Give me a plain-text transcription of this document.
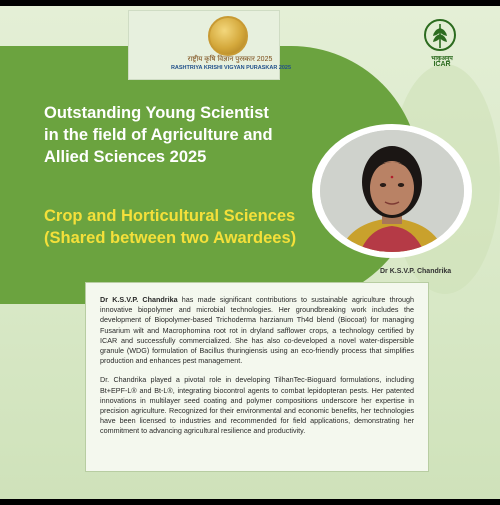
राष्ट्रीय कृषि विज्ञान पुरस्कार 2025
RASHTRIYA KRISHI VIGYAN PURASKAR 2025
भाकृअनुप
ICAR
Outstanding Young Scientist
in the field of Agriculture and
Allied Sciences 2025
Crop and Horticultural Sciences
(Shared between two Awardees)
Dr K.S.V.P. Chandrika

Dr K.S.V.P. Chandrika has made significant contributions to sustainable agriculture through innovative biopolymer and microbial technologies. Her groundbreaking work includes the development of Biopolymer-based Trichoderma harzianum Th4d blend (Biocoat) for managing Fusarium wilt and Macrophomina root rot in dryland safflower crops, a technology certified by ICAR and successfully commercialized. She has also co-developed a novel water-dispersible granule (WDG) formulation of Bacillus thuringiensis using an eco-friendly process that simplifies production and enhances pest management.

Dr. Chandrika played a pivotal role in developing TilhanTec-Bioguard formulations, including Bt+EPF-L® and Bt-L®, integrating biocontrol agents to combat lepidopteran pests. Her patented innovations in multilayer seed coating and polymer compositions underscore her expertise in precision agriculture. Recognized for their environmental and economic benefits, her technologies have been licensed to industries and recommended for field applications, demonstrating her commitment to advancing agricultural resilience and productivity.
